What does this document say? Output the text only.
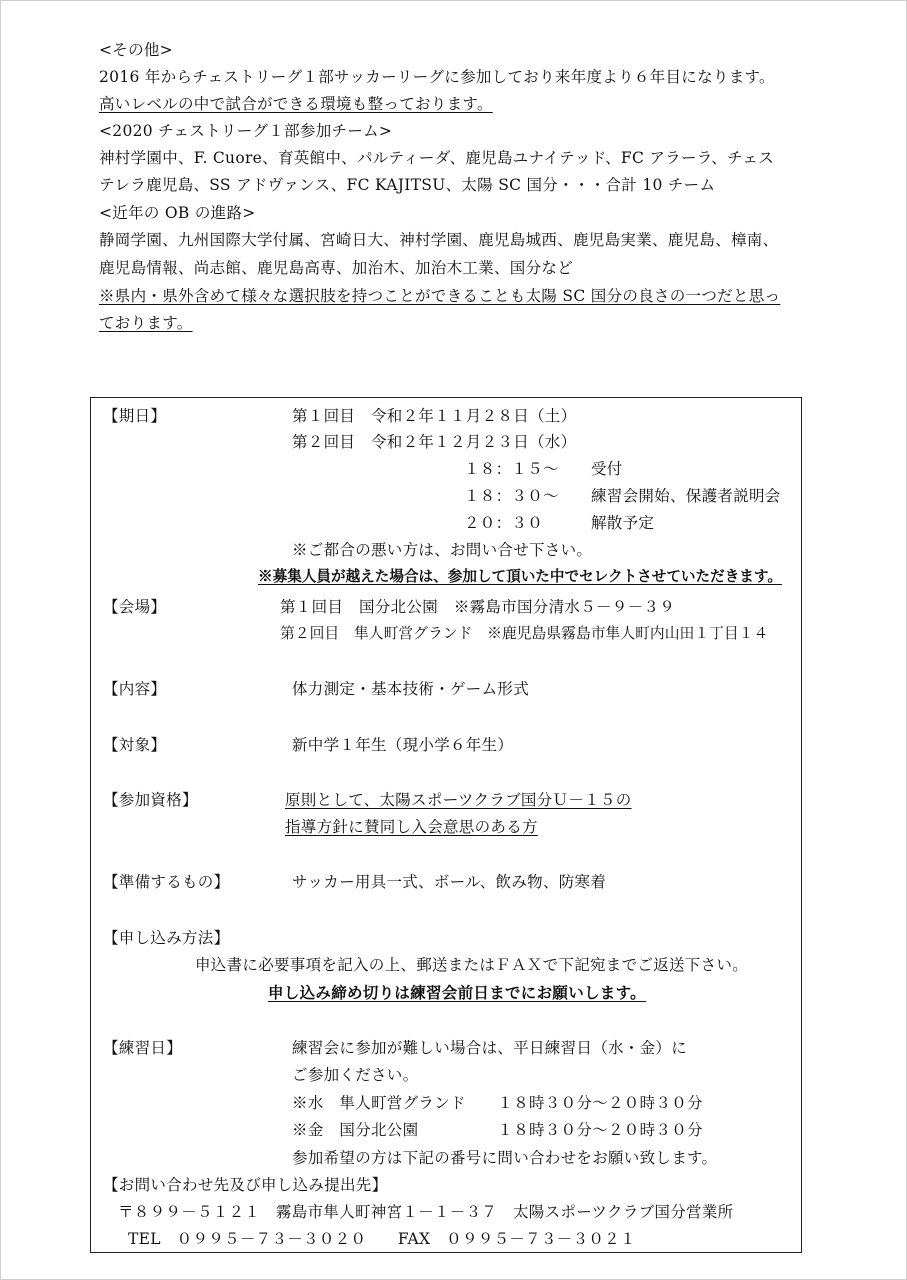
<その他>
2016 年からチェストリーグ１部サッカーリーグに参加しており来年度より６年目になります。
高いレベルの中で試合ができる環境も整っております。
<2020 チェストリーグ１部参加チーム>
神村学園中、F. Cuore、育英館中、パルティーダ、鹿児島ユナイテッド、FC アラーラ、チェス
テレラ鹿児島、SS アドヴァンス、FC KAJITSU、太陽 SC 国分・・・合計 10 チーム
<近年の OB の進路>
静岡学園、九州国際大学付属、宮崎日大、神村学園、鹿児島城西、鹿児島実業、鹿児島、樟南、
鹿児島情報、尚志館、鹿児島高専、加治木、加治木工業、国分など
※県内・県外含めて様々な選択肢を持つことができることも太陽 SC 国分の良さの一つだと思っ
ております。
【期日】	第１回目　令和２年１１月２８日（土）
第２回目　令和２年１２月２３日（水）
１８：１５〜 受付
１８：３０〜 練習会開始、保護者説明会
２０：３０	解散予定
※ご都合の悪い方は、お問い合せ下さい。
※募集人員が越えた場合は、参加して頂いた中でセレクトさせていただきます。
【会場】	第１回目　国分北公園　※霧島市国分清水５－９－３９
第２回目　隼人町営グランド　※鹿児島県霧島市隼人町内山田１丁目１４
【内容】	体力測定・基本技術・ゲーム形式
【対象】	新中学１年生（現小学６年生）
【参加資格】	原則として、太陽スポーツクラブ国分Ｕ－１５の
指導方針に賛同し入会意思のある方
【準備するもの】	サッカー用具一式、ボール、飲み物、防寒着
【申し込み方法】
申込書に必要事項を記入の上、郵送またはＦＡＸで下記宛までご返送下さい。
申し込み締め切りは練習会前日までにお願いします。
【練習日】	練習会に参加が難しい場合は、平日練習日（水・金）に
ご参加ください。
※水　隼人町営グランド　　１８時３０分〜２０時３０分
※金　国分北公園　　　　　１８時３０分〜２０時３０分
参加希望の方は下記の番号に問い合わせをお願い致します。
【お問い合わせ先及び申し込み提出先】
〒８９９－５１２１　霧島市隼人町神宮１－１－３７　太陽スポーツクラブ国分営業所
TEL　０９９５－７３－３０２０　　FAX　０９９５－７３－３０２１
